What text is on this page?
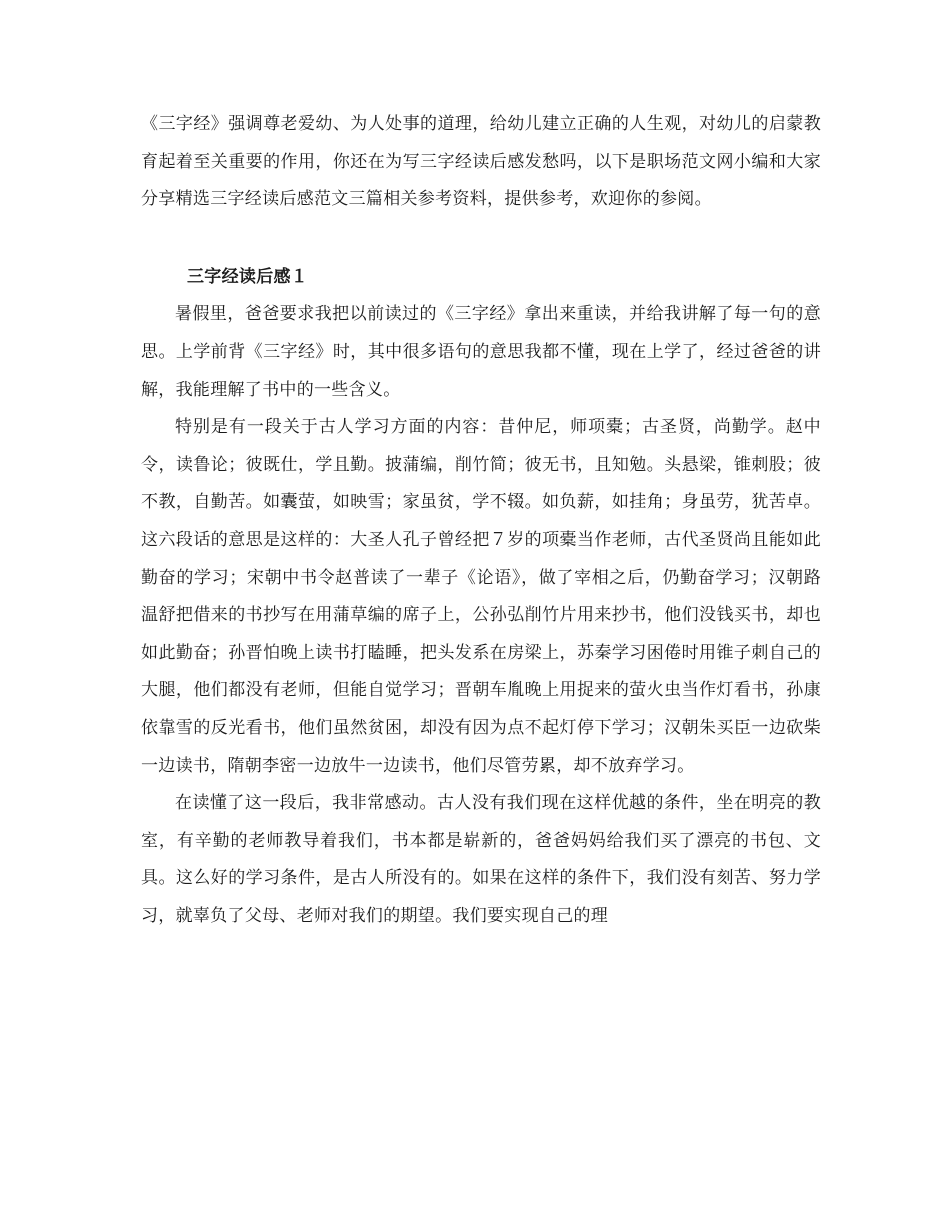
《三字经》强调尊老爱幼、为人处事的道理，给幼儿建立正确的人生观，对幼儿的启蒙教育起着至关重要的作用，你还在为写三字经读后感发愁吗，以下是职场范文网小编和大家分享精选三字经读后感范文三篇相关参考资料，提供参考，欢迎你的参阅。

三字经读后感１

暑假里，爸爸要求我把以前读过的《三字经》拿出来重读，并给我讲解了每一句的意思。上学前背《三字经》时，其中很多语句的意思我都不懂，现在上学了，经过爸爸的讲解，我能理解了书中的一些含义。

特别是有一段关于古人学习方面的内容：昔仲尼，师项橐；古圣贤，尚勤学。赵中令，读鲁论；彼既仕，学且勤。披蒲编，削竹简；彼无书，且知勉。头悬梁，锥刺股；彼不教，自勤苦。如囊萤，如映雪；家虽贫，学不辍。如负薪，如挂角；身虽劳，犹苦卓。这六段话的意思是这样的：大圣人孔子曾经把７岁的项橐当作老师，古代圣贤尚且能如此勤奋的学习；宋朝中书令赵普读了一辈子《论语》，做了宰相之后，仍勤奋学习；汉朝路温舒把借来的书抄写在用蒲草编的席子上，公孙弘削竹片用来抄书，他们没钱买书，却也如此勤奋；孙晋怕晚上读书打瞌睡，把头发系在房梁上，苏秦学习困倦时用锥子刺自己的大腿，他们都没有老师，但能自觉学习；晋朝车胤晚上用捉来的萤火虫当作灯看书，孙康依靠雪的反光看书，他们虽然贫困，却没有因为点不起灯停下学习；汉朝朱买臣一边砍柴一边读书，隋朝李密一边放牛一边读书，他们尽管劳累，却不放弃学习。

在读懂了这一段后，我非常感动。古人没有我们现在这样优越的条件，坐在明亮的教室，有辛勤的老师教导着我们，书本都是崭新的，爸爸妈妈给我们买了漂亮的书包、文具。这么好的学习条件，是古人所没有的。如果在这样的条件下，我们没有刻苦、努力学习，就辜负了父母、老师对我们的期望。我们要实现自己的理
